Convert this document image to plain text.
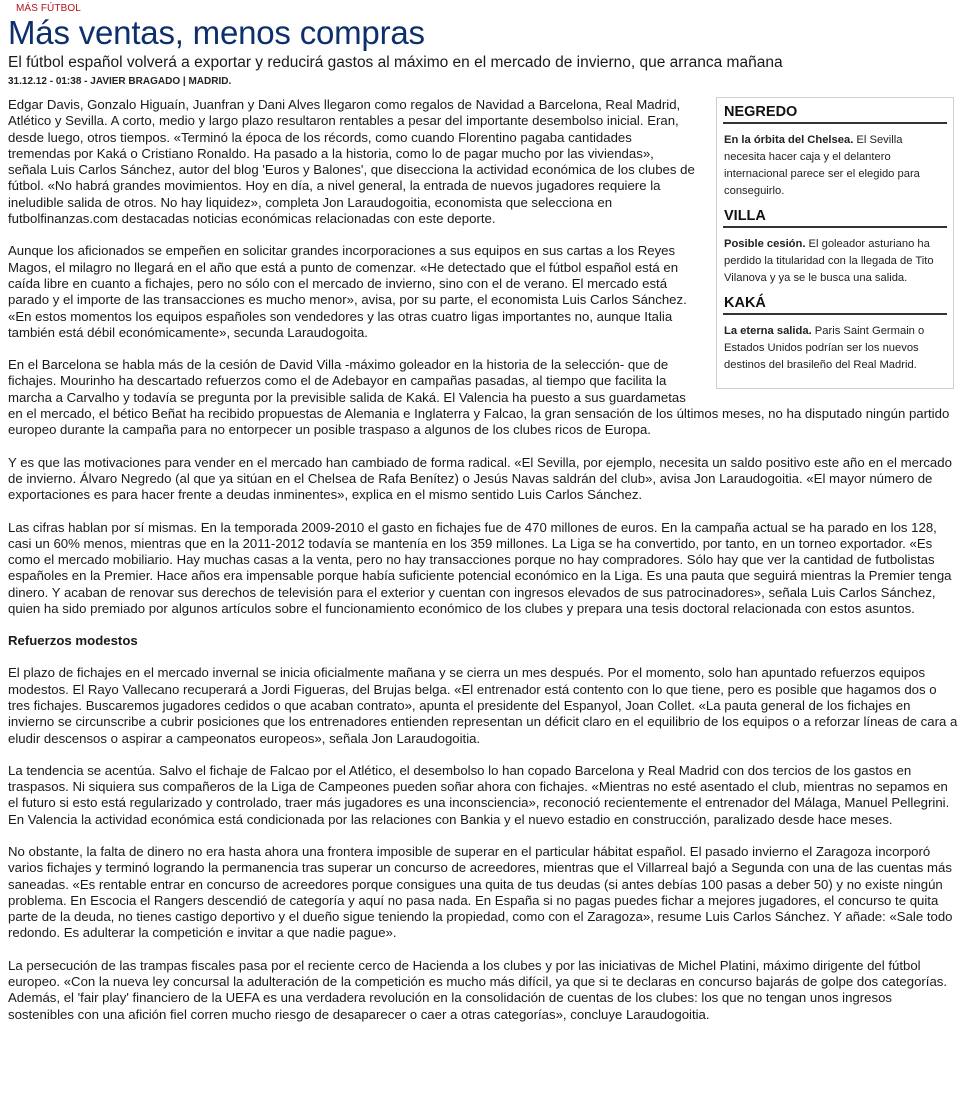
MÁS FÚTBOL
Más ventas, menos compras
El fútbol español volverá a exportar y reducirá gastos al máximo en el mercado de invierno, que arranca mañana
31.12.12 - 01:38 - JAVIER BRAGADO | MADRID.
NEGREDO
En la órbita del Chelsea. El Sevilla necesita hacer caja y el delantero internacional parece ser el elegido para conseguirlo.
VILLA
Posible cesión. El goleador asturiano ha perdido la titularidad con la llegada de Tito Vilanova y ya se le busca una salida.
KAKÁ
La eterna salida. Paris Saint Germain o Estados Unidos podrían ser los nuevos destinos del brasileño del Real Madrid.

Edgar Davis, Gonzalo Higuaín, Juanfran y Dani Alves llegaron como regalos de Navidad a Barcelona, Real Madrid, Atlético y Sevilla. A corto, medio y largo plazo resultaron rentables a pesar del importante desembolso inicial. Eran, desde luego, otros tiempos. «Terminó la época de los récords, como cuando Florentino pagaba cantidades tremendas por Kaká o Cristiano Ronaldo. Ha pasado a la historia, como lo de pagar mucho por las viviendas», señala Luis Carlos Sánchez, autor del blog 'Euros y Balones', que disecciona la actividad económica de los clubes de fútbol. «No habrá grandes movimientos. Hoy en día, a nivel general, la entrada de nuevos jugadores requiere la ineludible salida de otros. No hay liquidez», completa Jon Laraudogoitia, economista que selecciona en futbolfinanzas.com destacadas noticias económicas relacionadas con este deporte.

Aunque los aficionados se empeñen en solicitar grandes incorporaciones a sus equipos en sus cartas a los Reyes Magos, el milagro no llegará en el año que está a punto de comenzar. «He detectado que el fútbol español está en caída libre en cuanto a fichajes, pero no sólo con el mercado de invierno, sino con el de verano. El mercado está parado y el importe de las transacciones es mucho menor», avisa, por su parte, el economista Luis Carlos Sánchez. «En estos momentos los equipos españoles son vendedores y las otras cuatro ligas importantes no, aunque Italia también está débil económicamente», secunda Laraudogoita.

En el Barcelona se habla más de la cesión de David Villa -máximo goleador en la historia de la selección- que de fichajes. Mourinho ha descartado refuerzos como el de Adebayor en campañas pasadas, al tiempo que facilita la marcha a Carvalho y todavía se pregunta por la previsible salida de Kaká. El Valencia ha puesto a sus guardametas en el mercado, el bético Beñat ha recibido propuestas de Alemania e Inglaterra y Falcao, la gran sensación de los últimos meses, no ha disputado ningún partido europeo durante la campaña para no entorpecer un posible traspaso a algunos de los clubes ricos de Europa.

Y es que las motivaciones para vender en el mercado han cambiado de forma radical. «El Sevilla, por ejemplo, necesita un saldo positivo este año en el mercado de invierno. Álvaro Negredo (al que ya sitúan en el Chelsea de Rafa Benítez) o Jesús Navas saldrán del club», avisa Jon Laraudogoitia. «El mayor número de exportaciones es para hacer frente a deudas inminentes», explica en el mismo sentido Luis Carlos Sánchez.

Las cifras hablan por sí mismas. En la temporada 2009-2010 el gasto en fichajes fue de 470 millones de euros. En la campaña actual se ha parado en los 128, casi un 60% menos, mientras que en la 2011-2012 todavía se mantenía en los 359 millones. La Liga se ha convertido, por tanto, en un torneo exportador. «Es como el mercado mobiliario. Hay muchas casas a la venta, pero no hay transacciones porque no hay compradores. Sólo hay que ver la cantidad de futbolistas españoles en la Premier. Hace años era impensable porque había suficiente potencial económico en la Liga. Es una pauta que seguirá mientras la Premier tenga dinero. Y acaban de renovar sus derechos de televisión para el exterior y cuentan con ingresos elevados de sus patrocinadores», señala Luis Carlos Sánchez, quien ha sido premiado por algunos artículos sobre el funcionamiento económico de los clubes y prepara una tesis doctoral relacionada con estos asuntos.

Refuerzos modestos

El plazo de fichajes en el mercado invernal se inicia oficialmente mañana y se cierra un mes después. Por el momento, solo han apuntado refuerzos equipos modestos. El Rayo Vallecano recuperará a Jordi Figueras, del Brujas belga. «El entrenador está contento con lo que tiene, pero es posible que hagamos dos o tres fichajes. Buscaremos jugadores cedidos o que acaban contrato», apunta el presidente del Espanyol, Joan Collet. «La pauta general de los fichajes en invierno se circunscribe a cubrir posiciones que los entrenadores entienden representan un déficit claro en el equilibrio de los equipos o a reforzar líneas de cara a eludir descensos o aspirar a campeonatos europeos», señala Jon Laraudogoitia.

La tendencia se acentúa. Salvo el fichaje de Falcao por el Atlético, el desembolso lo han copado Barcelona y Real Madrid con dos tercios de los gastos en traspasos. Ni siquiera sus compañeros de la Liga de Campeones pueden soñar ahora con fichajes. «Mientras no esté asentado el club, mientras no sepamos en el futuro si esto está regularizado y controlado, traer más jugadores es una inconsciencia», reconoció recientemente el entrenador del Málaga, Manuel Pellegrini. En Valencia la actividad económica está condicionada por las relaciones con Bankia y el nuevo estadio en construcción, paralizado desde hace meses.

No obstante, la falta de dinero no era hasta ahora una frontera imposible de superar en el particular hábitat español. El pasado invierno el Zaragoza incorporó varios fichajes y terminó logrando la permanencia tras superar un concurso de acreedores, mientras que el Villarreal bajó a Segunda con una de las cuentas más saneadas. «Es rentable entrar en concurso de acreedores porque consigues una quita de tus deudas (si antes debías 100 pasas a deber 50) y no existe ningún problema. En Escocia el Rangers descendió de categoría y aquí no pasa nada. En España si no pagas puedes fichar a mejores jugadores, el concurso te quita parte de la deuda, no tienes castigo deportivo y el dueño sigue teniendo la propiedad, como con el Zaragoza», resume Luis Carlos Sánchez. Y añade: «Sale todo redondo. Es adulterar la competición e invitar a que nadie pague».

La persecución de las trampas fiscales pasa por el reciente cerco de Hacienda a los clubes y por las iniciativas de Michel Platini, máximo dirigente del fútbol europeo. «Con la nueva ley concursal la adulteración de la competición es mucho más difícil, ya que si te declaras en concurso bajarás de golpe dos categorías. Además, el 'fair play' financiero de la UEFA es una verdadera revolución en la consolidación de cuentas de los clubes: los que no tengan unos ingresos sostenibles con una afición fiel corren mucho riesgo de desaparecer o caer a otras categorías», concluye Laraudogoitia.
